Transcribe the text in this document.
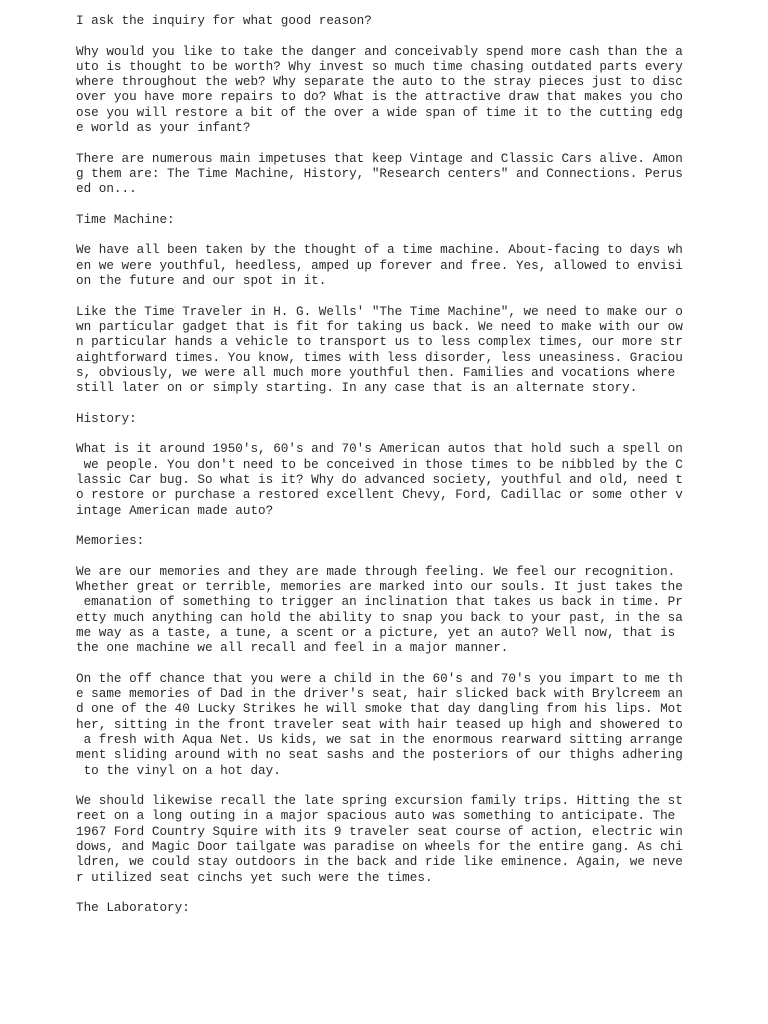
I ask the inquiry for what good reason?
Why would you like to take the danger and conceivably spend more cash than the a
uto is thought to be worth? Why invest so much time chasing outdated parts every
where throughout the web? Why separate the auto to the stray pieces just to disc
over you have more repairs to do? What is the attractive draw that makes you cho
ose you will restore a bit of the over a wide span of time it to the cutting edg
e world as your infant?
There are numerous main impetuses that keep Vintage and Classic Cars alive. Amon
g them are: The Time Machine, History, "Research centers" and Connections. Perus
ed on...
Time Machine:
We have all been taken by the thought of a time machine. About-facing to days wh
en we were youthful, heedless, amped up forever and free. Yes, allowed to envisi
on the future and our spot in it.
Like the Time Traveler in H. G. Wells' "The Time Machine", we need to make our o
wn particular gadget that is fit for taking us back. We need to make with our ow
n particular hands a vehicle to transport us to less complex times, our more str
aightforward times. You know, times with less disorder, less uneasiness. Graciou
s, obviously, we were all much more youthful then. Families and vocations where
still later on or simply starting. In any case that is an alternate story.
History:
What is it around 1950's, 60's and 70's American autos that hold such a spell on
we people. You don't need to be conceived in those times to be nibbled by the C
lassic Car bug. So what is it? Why do advanced society, youthful and old, need t
o restore or purchase a restored excellent Chevy, Ford, Cadillac or some other v
intage American made auto?
Memories:
We are our memories and they are made through feeling. We feel our recognition.
Whether great or terrible, memories are marked into our souls. It just takes the
emanation of something to trigger an inclination that takes us back in time. Pr
etty much anything can hold the ability to snap you back to your past, in the sa
me way as a taste, a tune, a scent or a picture, yet an auto? Well now, that is
the one machine we all recall and feel in a major manner.
On the off chance that you were a child in the 60's and 70's you impart to me th
e same memories of Dad in the driver's seat, hair slicked back with Brylcreem an
d one of the 40 Lucky Strikes he will smoke that day dangling from his lips. Mot
her, sitting in the front traveler seat with hair teased up high and showered to
a fresh with Aqua Net. Us kids, we sat in the enormous rearward sitting arrange
ment sliding around with no seat sashs and the posteriors of our thighs adhering
to the vinyl on a hot day.
We should likewise recall the late spring excursion family trips. Hitting the st
reet on a long outing in a major spacious auto was something to anticipate. The
1967 Ford Country Squire with its 9 traveler seat course of action, electric win
dows, and Magic Door tailgate was paradise on wheels for the entire gang. As chi
ldren, we could stay outdoors in the back and ride like eminence. Again, we neve
r utilized seat cinchs yet such were the times.
The Laboratory:
